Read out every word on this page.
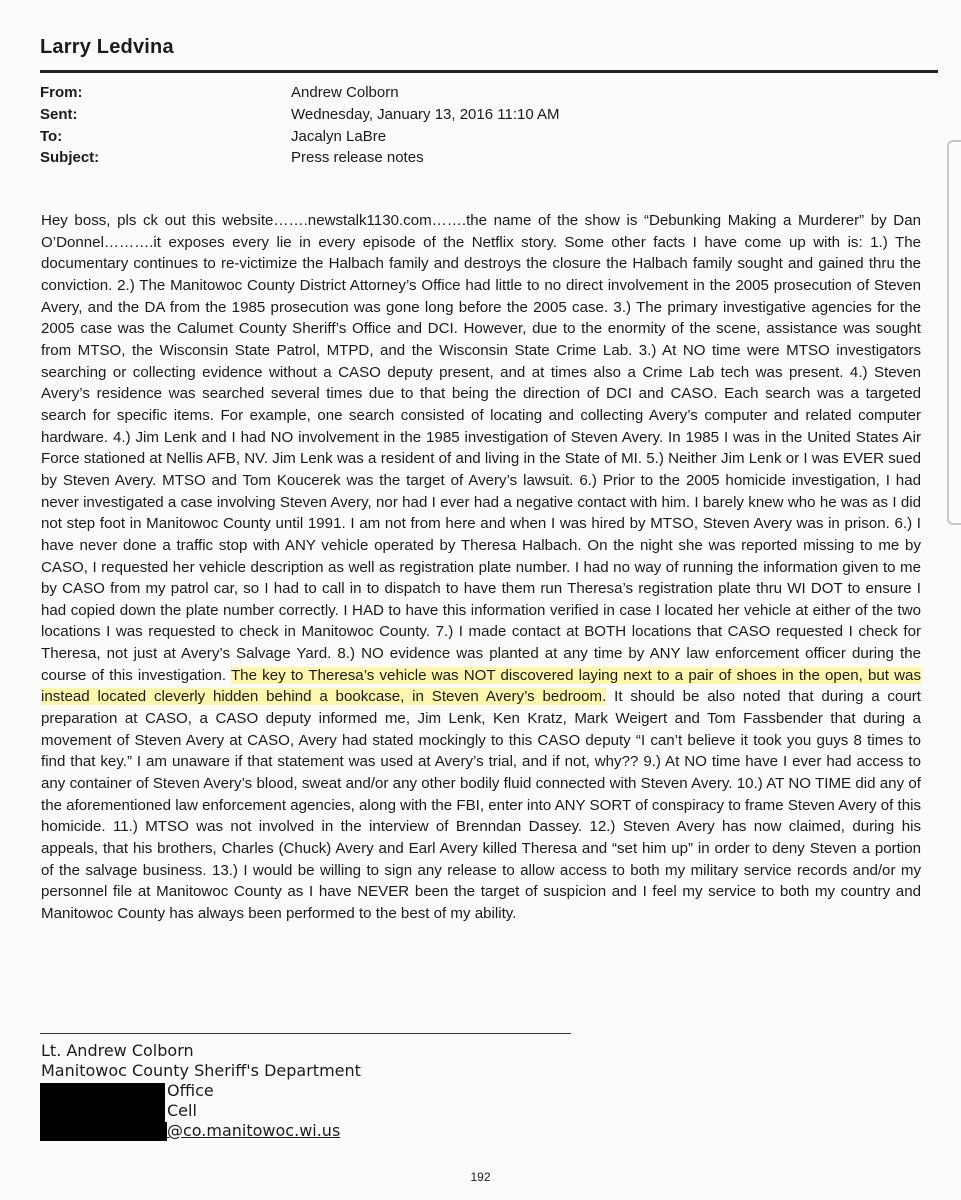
Larry Ledvina
From:	Andrew Colborn
Sent:	Wednesday, January 13, 2016 11:10 AM
To:	Jacalyn LaBre
Subject:	Press release notes

Hey boss, pls ck out this website…….newstalk1130.com…….the name of the show is “Debunking Making a Murderer” by Dan O’Donnel……….it exposes every lie in every episode of the Netflix story. Some other facts I have come up with is: 1.) The documentary continues to re-victimize the Halbach family and destroys the closure the Halbach family sought and gained thru the conviction. 2.) The Manitowoc County District Attorney’s Office had little to no direct involvement in the 2005 prosecution of Steven Avery, and the DA from the 1985 prosecution was gone long before the 2005 case. 3.) The primary investigative agencies for the 2005 case was the Calumet County Sheriff’s Office and DCI. However, due to the enormity of the scene, assistance was sought from MTSO, the Wisconsin State Patrol, MTPD, and the Wisconsin State Crime Lab. 3.) At NO time were MTSO investigators searching or collecting evidence without a CASO deputy present, and at times also a Crime Lab tech was present. 4.) Steven Avery’s residence was searched several times due to that being the direction of DCI and CASO. Each search was a targeted search for specific items. For example, one search consisted of locating and collecting Avery’s computer and related computer hardware. 4.) Jim Lenk and I had NO involvement in the 1985 investigation of Steven Avery. In 1985 I was in the United States Air Force stationed at Nellis AFB, NV. Jim Lenk was a resident of and living in the State of MI. 5.) Neither Jim Lenk or I was EVER sued by Steven Avery. MTSO and Tom Koucerek was the target of Avery’s lawsuit. 6.) Prior to the 2005 homicide investigation, I had never investigated a case involving Steven Avery, nor had I ever had a negative contact with him. I barely knew who he was as I did not step foot in Manitowoc County until 1991. I am not from here and when I was hired by MTSO, Steven Avery was in prison. 6.) I have never done a traffic stop with ANY vehicle operated by Theresa Halbach. On the night she was reported missing to me by CASO, I requested her vehicle description as well as registration plate number. I had no way of running the information given to me by CASO from my patrol car, so I had to call in to dispatch to have them run Theresa’s registration plate thru WI DOT to ensure I had copied down the plate number correctly. I HAD to have this information verified in case I located her vehicle at either of the two locations I was requested to check in Manitowoc County. 7.) I made contact at BOTH locations that CASO requested I check for Theresa, not just at Avery’s Salvage Yard. 8.) NO evidence was planted at any time by ANY law enforcement officer during the course of this investigation. The key to Theresa’s vehicle was NOT discovered laying next to a pair of shoes in the open, but was instead located cleverly hidden behind a bookcase, in Steven Avery’s bedroom. It should be also noted that during a court preparation at CASO, a CASO deputy informed me, Jim Lenk, Ken Kratz, Mark Weigert and Tom Fassbender that during a movement of Steven Avery at CASO, Avery had stated mockingly to this CASO deputy “I can’t believe it took you guys 8 times to find that key.” I am unaware if that statement was used at Avery’s trial, and if not, why?? 9.) At NO time have I ever had access to any container of Steven Avery’s blood, sweat and/or any other bodily fluid connected with Steven Avery. 10.) AT NO TIME did any of the aforementioned law enforcement agencies, along with the FBI, enter into ANY SORT of conspiracy to frame Steven Avery of this homicide. 11.) MTSO was not involved in the interview of Brenndan Dassey. 12.) Steven Avery has now claimed, during his appeals, that his brothers, Charles (Chuck) Avery and Earl Avery killed Theresa and “set him up” in order to deny Steven a portion of the salvage business. 13.) I would be willing to sign any release to allow access to both my military service records and/or my personnel file at Manitowoc County as I have NEVER been the target of suspicion and I feel my service to both my country and Manitowoc County has always been performed to the best of my ability.

Lt. Andrew Colborn
Manitowoc County Sheriff's Department
Office
Cell
@co.manitowoc.wi.us
192
